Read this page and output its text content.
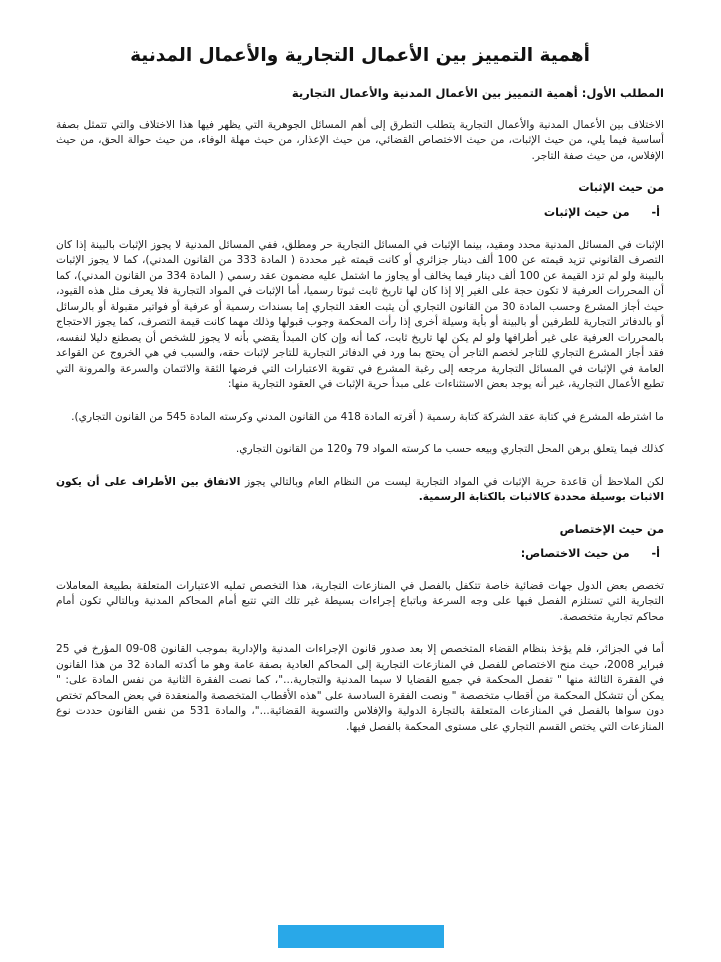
أهمية التمييز بين الأعمال التجارية والأعمال المدنية
المطلب الأول: أهمية التمييز بين الأعمال المدنية والأعمال التجارية

الاختلاف بين الأعمال المدنية والأعمال التجارية يتطلب التطرق إلى أهم المسائل الجوهرية التي يظهر فيها هذا الاختلاف والتي تتمثل بصفة أساسية فيما يلي، من حيث الإثبات، من حيث الاختصاص القضائي، من حيث الإعذار، من حيث مهلة الوفاء، من حيث حوالة الحق، من حيث الإفلاس، من حيث صفة التاجر.

من حيث الإثبات
أ-
من حيث الإثبات

الإثبات في المسائل المدنية محدد ومقيد، بينما الإثبات في المسائل التجارية حر ومطلق، ففي المسائل المدنية لا يجوز الإثبات بالبينة إذا كان التصرف القانوني تزيد قيمته عن 100 ألف دينار جزائري أو كانت قيمته غير محددة ( المادة 333 من القانون المدني)، كما لا يجوز الإثبات بالبينة ولو لم تزد القيمة عن 100 ألف دينار فيما يخالف أو يجاوز ما اشتمل عليه مضمون عقد رسمي ( المادة 334 من القانون المدني)، كما أن المحررات العرفية لا تكون حجة على الغير إلا إذا كان لها تاريخ ثابت ثبوتا رسميا، أما الإثبات في المواد التجارية فلا يعرف مثل هذه القيود، حيث أجاز المشرع وحسب المادة 30 من القانون التجاري أن يثبت العقد التجاري إما بسندات رسمية أو عرفية أو فواتير مقبولة أو بالرسائل أو بالدفاتر التجارية للطرفين أو بالبينة أو بأية وسيلة أخرى إذا رأت المحكمة وجوب قبولها وذلك مهما كانت قيمة التصرف، كما يجوز الاحتجاج بالمحررات العرفية على غير أطرافها ولو لم يكن لها تاريخ ثابت، كما أنه وإن كان المبدأ يقضي بأنه لا يجوز للشخص أن يصطنع دليلا لنفسه، فقد أجاز المشرع التجاري للتاجر لخصم التاجر أن يحتج بما ورد في الدفاتر التجارية للتاجر لإثبات حقه، والسبب في هي الخروج عن القواعد العامة في الإثبات في المسائل التجارية مرجعه إلى رغبة المشرع في تقوية الاعتبارات التي فرضها الثقة والائتمان والسرعة والمرونة التي تطبع الأعمال التجارية، غير أنه يوجد بعض الاستثناءات على مبدأ حرية الإثبات في العقود التجارية منها:

ما اشترطه المشرع في كتابة عقد الشركة كتابة رسمية ( أقرته المادة 418 من القانون المدني وكرسته المادة 545 من القانون التجاري).

كذلك فيما يتعلق برهن المحل التجاري وبيعه حسب ما كرسته المواد 79 و120 من القانون التجاري.

لكن الملاحظ أن قاعدة حرية الإثبات في المواد التجارية ليست من النظام العام وبالتالي يجوز الاتفاق بين الأطراف على أن يكون الاثبات بوسيلة محددة كالاثبات بالكتابة الرسمية.

من حيث الإختصاص
أ-
من حيث الاختصاص:

تخصص بعض الدول جهات قضائية خاصة تتكفل بالفصل في المنازعات التجارية، هذا التخصص تمليه الاعتبارات المتعلقة بطبيعة المعاملات التجارية التي تستلزم الفصل فيها على وجه السرعة وباتباع إجراءات بسيطة غير تلك التي تتبع أمام المحاكم المدنية وبالتالي تكون أمام محاكم تجارية متخصصة.

أما في الجزائر، فلم يؤخذ بنظام القضاء المتخصص إلا بعد صدور قانون الإجراءات المدنية والإدارية بموجب القانون 08-09 المؤرخ في 25 فبراير 2008، حيث منح الاختصاص للفصل في المنازعات التجارية إلى المحاكم العادية بصفة عامة وهو ما أكدته المادة 32 من هذا القانون في الفقرة الثالثة منها " تفصل المحكمة في جميع القضايا لا سيما المدنية والتجارية..."، كما نصت الفقرة الثانية من نفس المادة على: " يمكن أن تتشكل المحكمة من أقطاب متخصصة " ونصت الفقرة السادسة على "هذه الأقطاب المتخصصة والمنعقدة في بعض المحاكم تختص دون سواها بالفصل في المنازعات المتعلقة بالتجارة الدولية والإفلاس والتسوية القضائية..."، والمادة 531 من نفس القانون حددت نوع المنازعات التي يختص القسم التجاري على مستوى المحكمة بالفصل فيها.
